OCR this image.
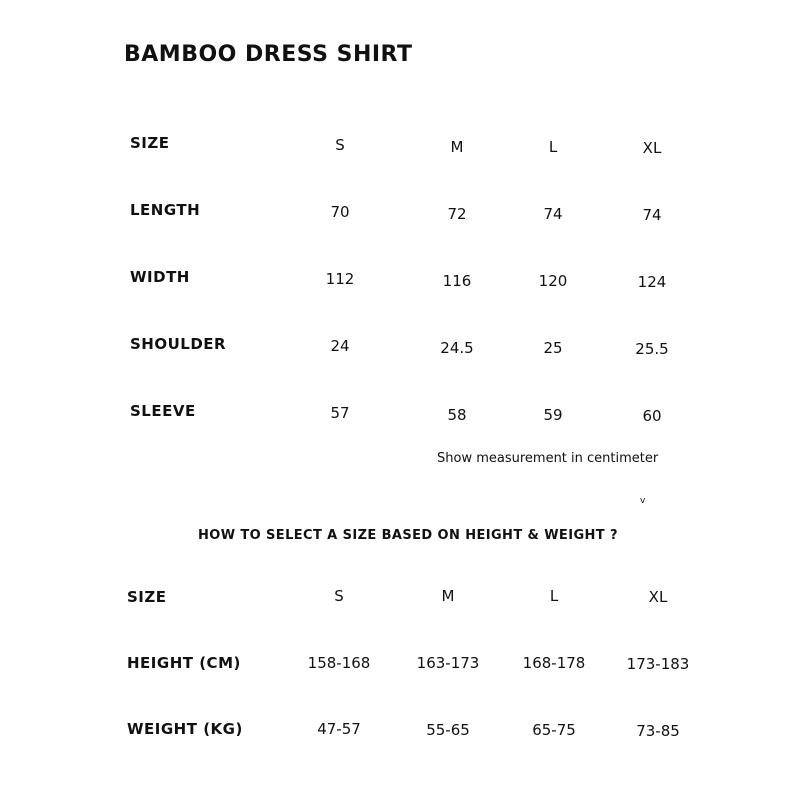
BAMBOO DRESS SHIRT
SIZE	S	M	L	XL
LENGTH	70	72	74	74
WIDTH	112	116	120	124
SHOULDER	24	24.5	25	25.5
SLEEVE	57	58	59	60
Show measurement in centimeter
v
HOW TO SELECT A SIZE BASED ON HEIGHT & WEIGHT ?
SIZE	S	M	L	XL
HEIGHT (CM)	158-168	163-173	168-178	173-183
WEIGHT (KG)	47-57	55-65	65-75	73-85
